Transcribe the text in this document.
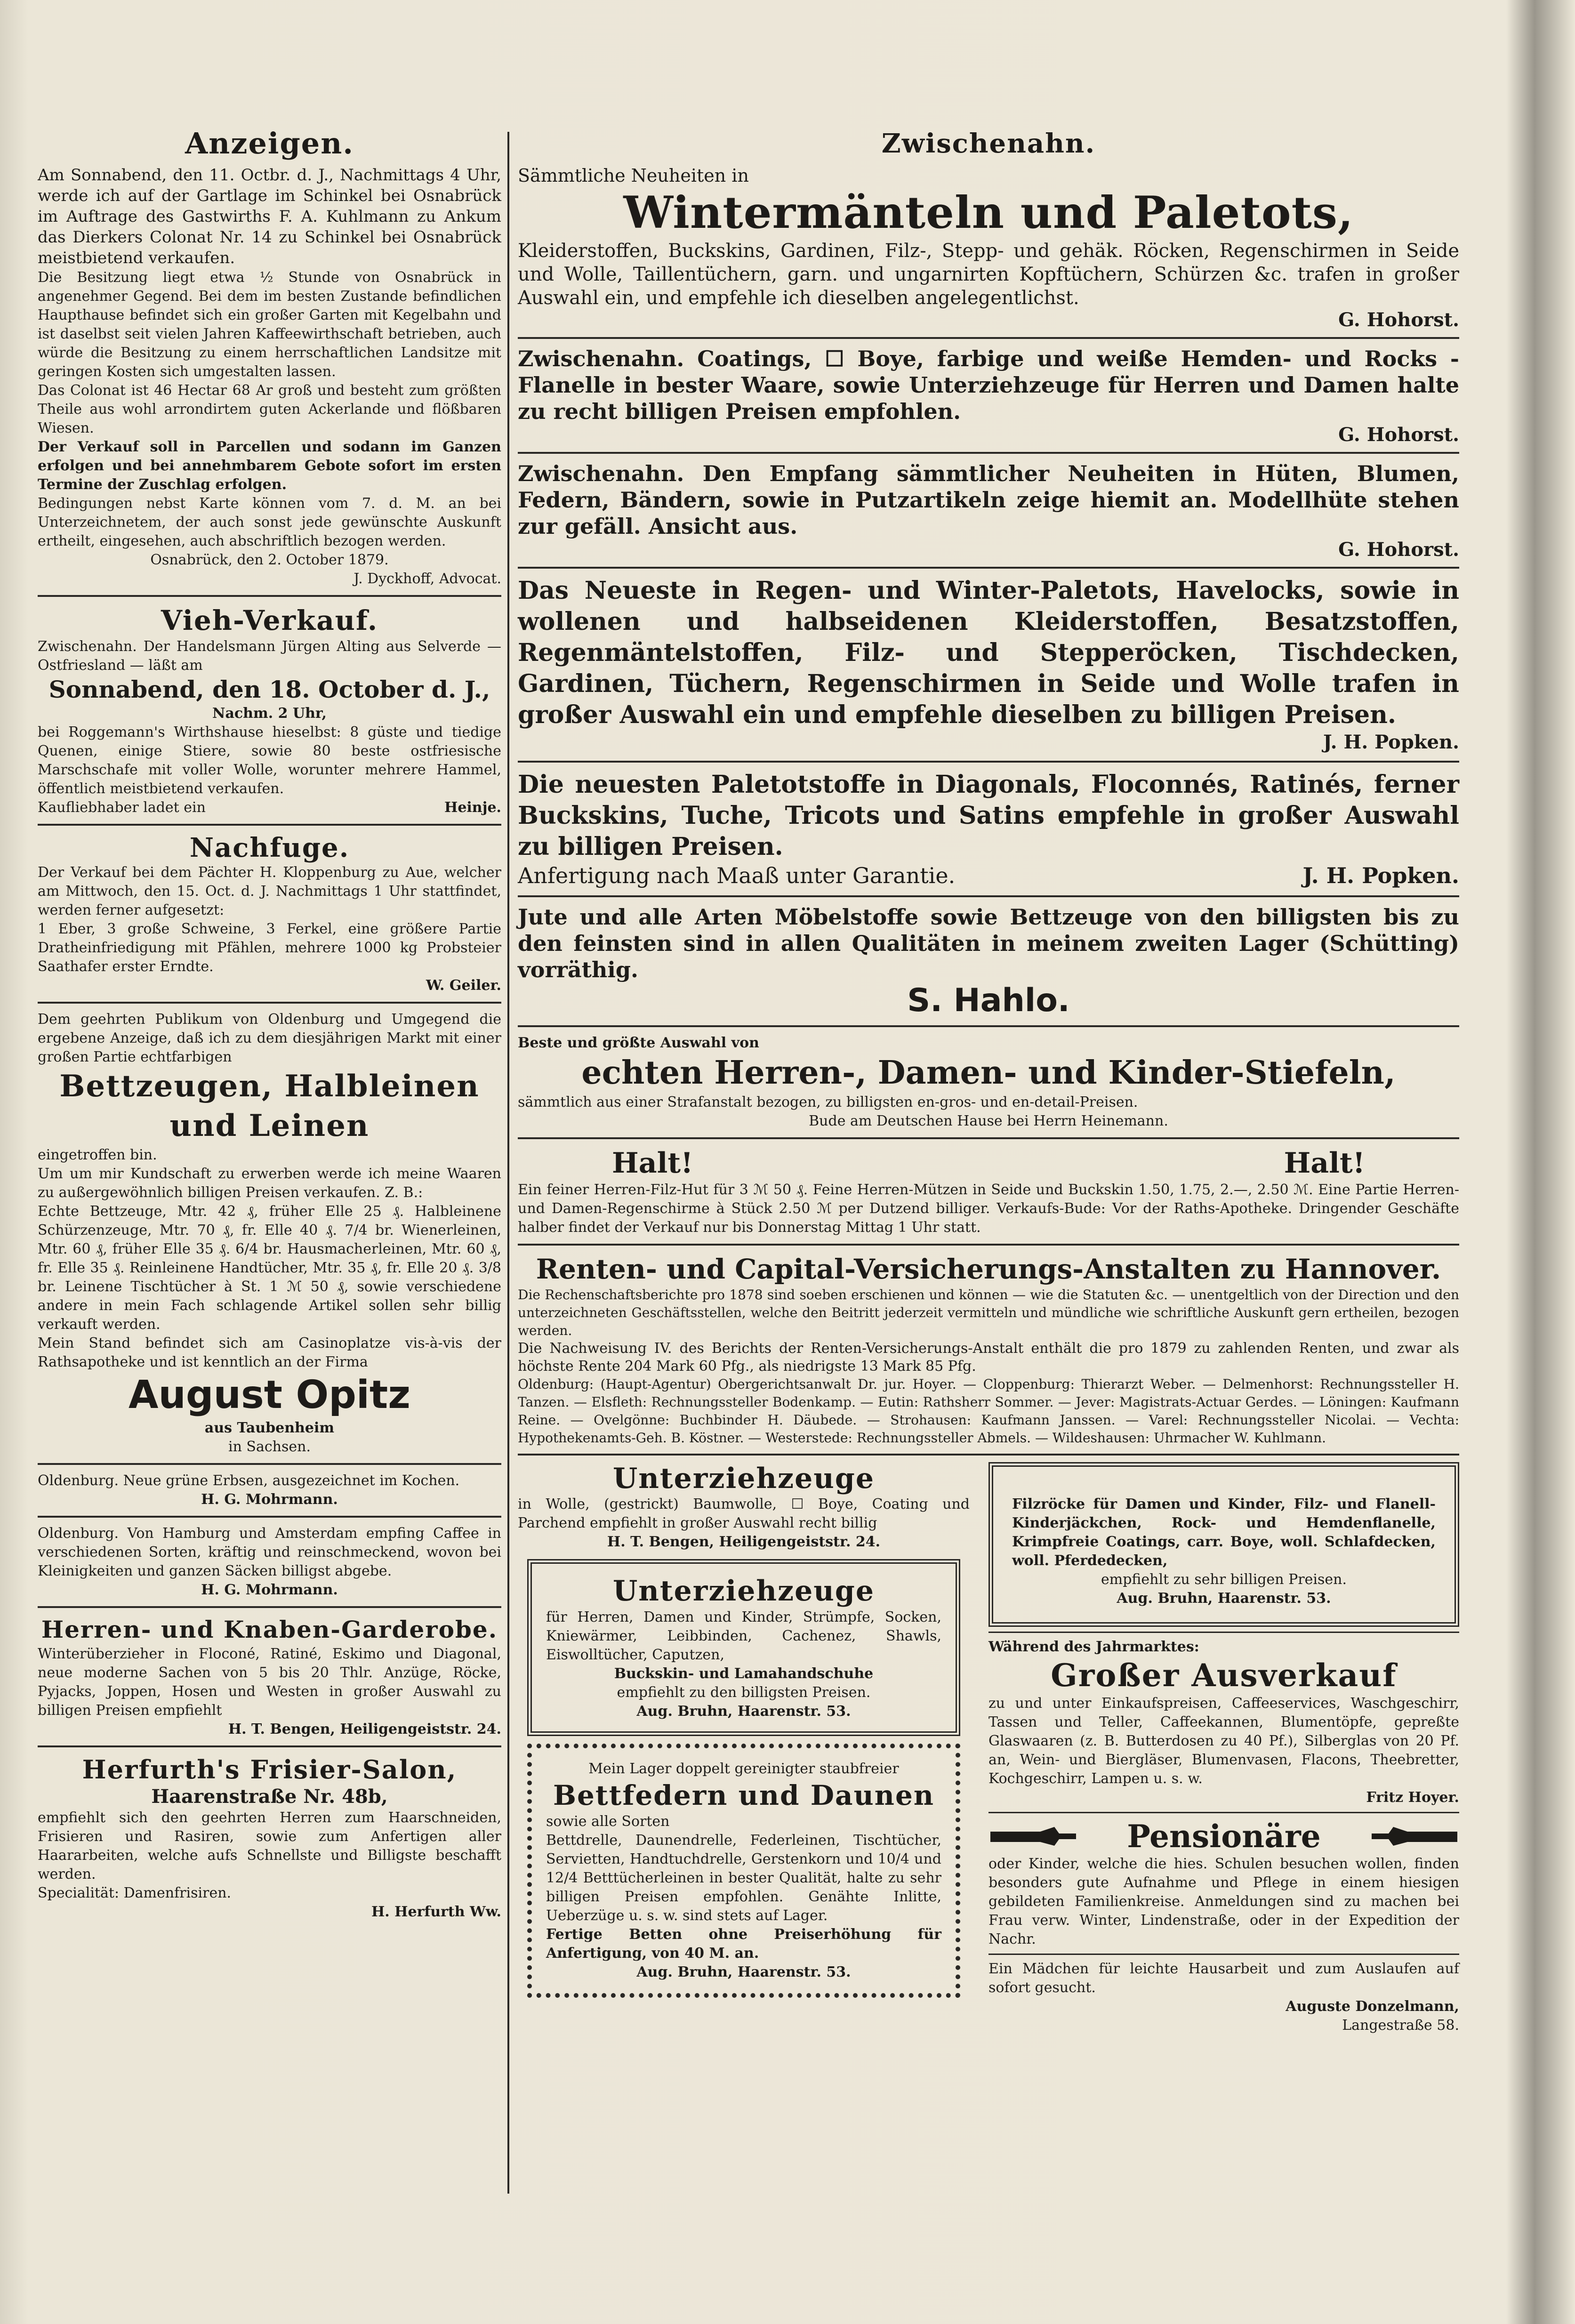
Anzeigen.

Am Sonnabend, den 11. Octbr. d. J., Nachmittags 4 Uhr, werde ich auf der Gartlage im Schinkel bei Osnabrück im Auftrage des Gastwirths F. A. Kuhlmann zu Ankum das Dierkers Colonat Nr. 14 zu Schinkel bei Osnabrück meistbietend verkaufen.

Die Besitzung liegt etwa ½ Stunde von Osnabrück in angenehmer Gegend. Bei dem im besten Zustande befindlichen Haupthause befindet sich ein großer Garten mit Kegelbahn und ist daselbst seit vielen Jahren Kaffeewirthschaft betrieben, auch würde die Besitzung zu einem herrschaftlichen Landsitze mit geringen Kosten sich umgestalten lassen.

Das Colonat ist 46 Hectar 68 Ar groß und besteht zum größten Theile aus wohl arrondirtem guten Ackerlande und flößbaren Wiesen.

Der Verkauf soll in Parcellen und sodann im Ganzen erfolgen und bei annehmbarem Gebote sofort im ersten Termine der Zuschlag erfolgen.

Bedingungen nebst Karte können vom 7. d. M. an bei Unterzeichnetem, der auch sonst jede gewünschte Auskunft ertheilt, eingesehen, auch abschriftlich bezogen werden.

Osnabrück, den 2. October 1879.

J. Dyckhoff, Advocat.

Vieh-Verkauf.

Zwischenahn. Der Handelsmann Jürgen Alting aus Selverde — Ostfriesland — läßt am

Sonnabend, den 18. October d. J.,

Nachm. 2 Uhr,

bei Roggemann's Wirthshause hieselbst: 8 güste und tiedige Quenen, einige Stiere, sowie 80 beste ostfriesische Marschschafe mit voller Wolle, worunter mehrere Hammel, öffentlich meistbietend verkaufen.

Kaufliebhaber ladet ein	Heinje.
Nachfuge.

Der Verkauf bei dem Pächter H. Kloppenburg zu Aue, welcher am Mittwoch, den 15. Oct. d. J. Nachmittags 1 Uhr stattfindet, werden ferner aufgesetzt:

1 Eber, 3 große Schweine, 3 Ferkel, eine größere Partie Dratheinfriedigung mit Pfählen, mehrere 1000 kg Probsteier Saathafer erster Erndte.

W. Geiler.

Dem geehrten Publikum von Oldenburg und Umgegend die ergebene Anzeige, daß ich zu dem diesjährigen Markt mit einer großen Partie echtfarbigen

Bettzeugen, Halbleinen und Leinen

eingetroffen bin.

Um um mir Kundschaft zu erwerben werde ich meine Waaren zu außergewöhnlich billigen Preisen verkaufen. Z. B.:

Echte Bettzeuge, Mtr. 42 ₰, früher Elle 25 ₰. Halbleinene Schürzenzeuge, Mtr. 70 ₰, fr. Elle 40 ₰. 7/4 br. Wienerleinen, Mtr. 60 ₰, früher Elle 35 ₰. 6/4 br. Hausmacherleinen, Mtr. 60 ₰, fr. Elle 35 ₰. Reinleinene Handtücher, Mtr. 35 ₰, fr. Elle 20 ₰. 3/8 br. Leinene Tischtücher à St. 1 ℳ 50 ₰, sowie verschiedene andere in mein Fach schlagende Artikel sollen sehr billig verkauft werden.

Mein Stand befindet sich am Casinoplatze vis-à-vis der Rathsapotheke und ist kenntlich an der Firma

August Opitz

aus Taubenheim

in Sachsen.

Oldenburg. Neue grüne Erbsen, ausgezeichnet im Kochen.

H. G. Mohrmann.

Oldenburg. Von Hamburg und Amsterdam empfing Caffee in verschiedenen Sorten, kräftig und reinschmeckend, wovon bei Kleinigkeiten und ganzen Säcken billigst abgebe.

H. G. Mohrmann.

Herren- und Knaben-Garderobe.

Winterüberzieher in Floconé, Ratiné, Eskimo und Diagonal, neue moderne Sachen von 5 bis 20 Thlr. Anzüge, Röcke, Pyjacks, Joppen, Hosen und Westen in großer Auswahl zu billigen Preisen empfiehlt

H. T. Bengen, Heiligengeiststr. 24.

Herfurth's Frisier-Salon,

Haarenstraße Nr. 48b,

empfiehlt sich den geehrten Herren zum Haarschneiden, Frisieren und Rasiren, sowie zum Anfertigen aller Haararbeiten, welche aufs Schnellste und Billigste beschafft werden.

Specialität: Damenfrisiren.

H. Herfurth Ww.

Zwischenahn.

Sämmtliche Neuheiten in

Wintermänteln und Paletots,

Kleiderstoffen, Buckskins, Gardinen, Filz-, Stepp- und gehäk. Röcken, Regenschirmen in Seide und Wolle, Taillentüchern, garn. und ungarnirten Kopftüchern, Schürzen &c. trafen in großer Auswahl ein, und empfehle ich dieselben angelegentlichst.

G. Hohorst.

Zwischenahn. Coatings, ☐ Boye, farbige und weiße Hemden- und Rocks - Flanelle in bester Waare, sowie Unterziehzeuge für Herren und Damen halte zu recht billigen Preisen empfohlen.

G. Hohorst.

Zwischenahn. Den Empfang sämmtlicher Neuheiten in Hüten, Blumen, Federn, Bändern, sowie in Putzartikeln zeige hiemit an. Modellhüte stehen zur gefäll. Ansicht aus.

G. Hohorst.

Das Neueste in Regen- und Winter-Paletots, Havelocks, sowie in wollenen und halbseidenen Kleiderstoffen, Besatzstoffen, Regenmäntelstoffen, Filz- und Stepperöcken, Tischdecken, Gardinen, Tüchern, Regenschirmen in Seide und Wolle trafen in großer Auswahl ein und empfehle dieselben zu billigen Preisen.

J. H. Popken.

Die neuesten Paletotstoffe in Diagonals, Floconnés, Ratinés, ferner Buckskins, Tuche, Tricots und Satins empfehle in großer Auswahl zu billigen Preisen.

Anfertigung nach Maaß unter Garantie.	J. H. Popken.

Jute und alle Arten Möbelstoffe sowie Bettzeuge von den billigsten bis zu den feinsten sind in allen Qualitäten in meinem zweiten Lager (Schütting) vorräthig.

S. Hahlo.

Beste und größte Auswahl von

echten Herren-, Damen- und Kinder-Stiefeln,

sämmtlich aus einer Strafanstalt bezogen, zu billigsten en-gros- und en-detail-Preisen.

Bude am Deutschen Hause bei Herrn Heinemann.

Halt!	Halt!

Ein feiner Herren-Filz-Hut für 3 ℳ 50 ₰. Feine Herren-Mützen in Seide und Buckskin 1.50, 1.75, 2.—, 2.50 ℳ. Eine Partie Herren- und Damen-Regenschirme à Stück 2.50 ℳ per Dutzend billiger. Verkaufs-Bude: Vor der Raths-Apotheke. Dringender Geschäfte halber findet der Verkauf nur bis Donnerstag Mittag 1 Uhr statt.

Renten- und Capital-Versicherungs-Anstalten zu Hannover.

Die Rechenschaftsberichte pro 1878 sind soeben erschienen und können — wie die Statuten &c. — unentgeltlich von der Direction und den unterzeichneten Geschäftsstellen, welche den Beitritt jederzeit vermitteln und mündliche wie schriftliche Auskunft gern ertheilen, bezogen werden.

Die Nachweisung IV. des Berichts der Renten-Versicherungs-Anstalt enthält die pro 1879 zu zahlenden Renten, und zwar als höchste Rente 204 Mark 60 Pfg., als niedrigste 13 Mark 85 Pfg.

Oldenburg: (Haupt-Agentur) Obergerichtsanwalt Dr. jur. Hoyer. — Cloppenburg: Thierarzt Weber. — Delmenhorst: Rechnungssteller H. Tanzen. — Elsfleth: Rechnungssteller Bodenkamp. — Eutin: Rathsherr Sommer. — Jever: Magistrats-Actuar Gerdes. — Löningen: Kaufmann Reine. — Ovelgönne: Buchbinder H. Däubede. — Strohausen: Kaufmann Janssen. — Varel: Rechnungssteller Nicolai. — Vechta: Hypothekenamts-Geh. B. Köstner. — Westerstede: Rechnungssteller Abmels. — Wildeshausen: Uhrmacher W. Kuhlmann.

Unterziehzeuge

in Wolle, (gestrickt) Baumwolle, ☐ Boye, Coating und Parchend empfiehlt in großer Auswahl recht billig

H. T. Bengen, Heiligengeiststr. 24.

Unterziehzeuge

für Herren, Damen und Kinder, Strümpfe, Socken, Kniewärmer, Leibbinden, Cachenez, Shawls, Eiswolltücher, Caputzen,

Buckskin- und Lamahandschuhe

empfiehlt zu den billigsten Preisen.

Aug. Bruhn, Haarenstr. 53.

Mein Lager doppelt gereinigter staubfreier

Bettfedern und Daunen

sowie alle Sorten

Bettdrelle, Daunendrelle, Federleinen, Tischtücher, Servietten, Handtuchdrelle, Gerstenkorn und 10/4 und 12/4 Betttücherleinen in bester Qualität, halte zu sehr billigen Preisen empfohlen. Genähte Inlitte, Ueberzüge u. s. w. sind stets auf Lager.

Fertige Betten ohne Preiserhöhung für Anfertigung, von 40 M. an.

Aug. Bruhn, Haarenstr. 53.

Filzröcke für Damen und Kinder, Filz- und Flanell-Kinderjäckchen, Rock- und Hemdenflanelle, Krimpfreie Coatings, carr. Boye, woll. Schlafdecken, woll. Pferdedecken,

empfiehlt zu sehr billigen Preisen.

Aug. Bruhn, Haarenstr. 53.

Während des Jahrmarktes:

Großer Ausverkauf

zu und unter Einkaufspreisen, Caffeeservices, Waschgeschirr, Tassen und Teller, Caffeekannen, Blumentöpfe, gepreßte Glaswaaren (z. B. Butterdosen zu 40 Pf.), Silberglas von 20 Pf. an, Wein- und Biergläser, Blumenvasen, Flacons, Theebretter, Kochgeschirr, Lampen u. s. w.

Fritz Hoyer.

Pensionäre

oder Kinder, welche die hies. Schulen besuchen wollen, finden besonders gute Aufnahme und Pflege in einem hiesigen gebildeten Familienkreise. Anmeldungen sind zu machen bei Frau verw. Winter, Lindenstraße, oder in der Expedition der Nachr.

Ein Mädchen für leichte Hausarbeit und zum Auslaufen auf sofort gesucht.

Auguste Donzelmann,

Langestraße 58.
